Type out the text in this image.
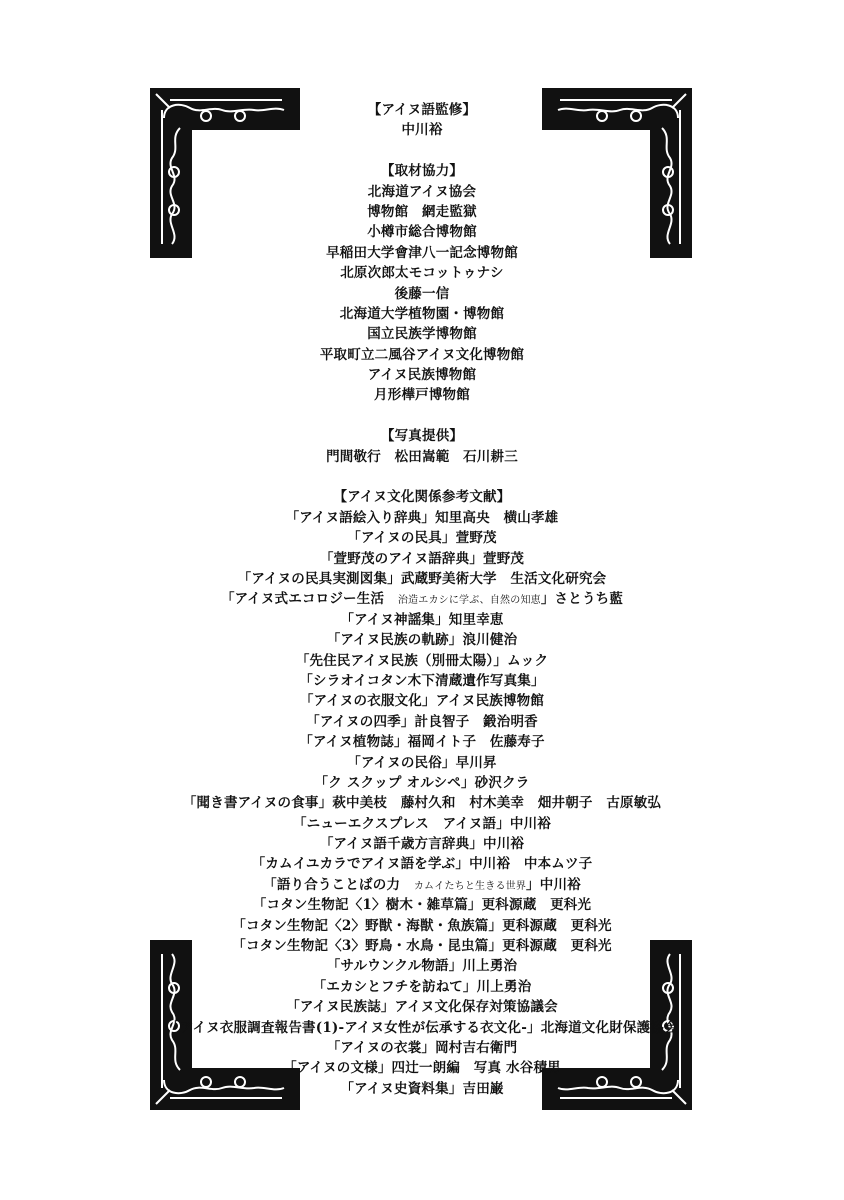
【アイヌ語監修】
中川裕
【取材協力】
北海道アイヌ協会
博物館　網走監獄
小樽市総合博物館
早稲田大学會津八一記念博物館
北原次郎太モコットゥナシ
後藤一信
北海道大学植物園・博物館
国立民族学博物館
平取町立二風谷アイヌ文化博物館
アイヌ民族博物館
月形樺戸博物館
【写真提供】
門間敬行　松田嵩範　石川耕三
【アイヌ文化関係参考文献】
「アイヌ語絵入り辞典」知里高央　横山孝雄
「アイヌの民具」萱野茂
「萱野茂のアイヌ語辞典」萱野茂
「アイヌの民具実測図集」武蔵野美術大学　生活文化研究会
「アイヌ式エコロジー生活　 治造エカシに学ぶ、自然の知恵」さとうち藍
「アイヌ神謡集」知里幸恵
「アイヌ民族の軌跡」浪川健治
「先住民アイヌ民族（別冊太陽）」ムック
「シラオイコタン木下清蔵遺作写真集」
「アイヌの衣服文化」アイヌ民族博物館
「アイヌの四季」計良智子　鍛治明香
「アイヌ植物誌」福岡イト子　佐藤寿子
「アイヌの民俗」早川昇
「ク スクップ オルシペ」砂沢クラ
「聞き書アイヌの食事」萩中美枝　藤村久和　村木美幸　畑井朝子　古原敏弘
「ニューエクスプレス　アイヌ語」中川裕
「アイヌ語千歳方言辞典」中川裕
「カムイユカラでアイヌ語を学ぶ」中川裕　中本ムツ子
「語り合うことばの力　 カムイたちと生きる世界」中川裕
「コタン生物記〈1〉樹木・雑草篇」更科源蔵　更科光
「コタン生物記〈2〉野獣・海獣・魚族篇」更科源蔵　更科光
「コタン生物記〈3〉野鳥・水鳥・昆虫篇」更科源蔵　更科光
「サルウンクル物語」川上勇治
「エカシとフチを訪ねて」川上勇治
「アイヌ民族誌」アイヌ文化保存対策協議会
「アイヌ衣服調査報告書(1)-アイヌ女性が伝承する衣文化-」北海道文化財保護協会
「アイヌの衣裳」岡村吉右衛門
「アイヌの文様」四辻一朗編　写真 水谷積男
「アイヌ史資料集」吉田巌
